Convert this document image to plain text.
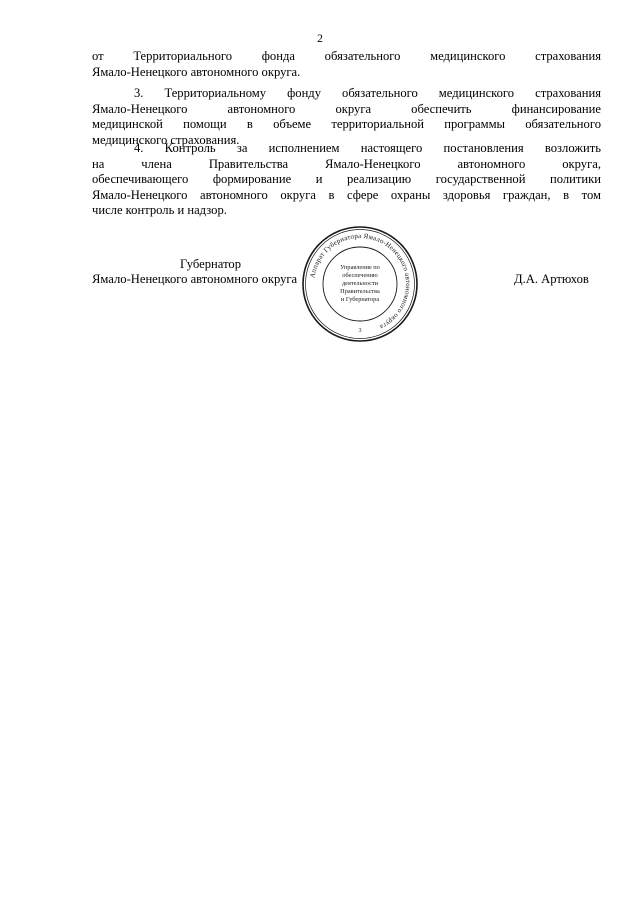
2
от Территориального фонда обязательного медицинского страхования
Ямало-Ненецкого автономного округа.
3. Территориальному фонду обязательного медицинского страхования
Ямало-Ненецкого автономного округа обеспечить финансирование
медицинской помощи в объеме территориальной программы обязательного
медицинского страхования.
4. Контроль за исполнением настоящего постановления возложить
на члена Правительства Ямало-Ненецкого автономного округа,
обеспечивающего формирование и реализацию государственной политики
Ямало-Ненецкого автономного округа в сфере охраны здоровья граждан, в том
числе контроль и надзор.
Губернатор
Ямало-Ненецкого автономного округа	Д.А. Артюхов
Аппарат Губернатора Ямало-Ненецкого автономного округа
Управление по
обеспечению
деятельности
Правительства
и Губернатора
3
